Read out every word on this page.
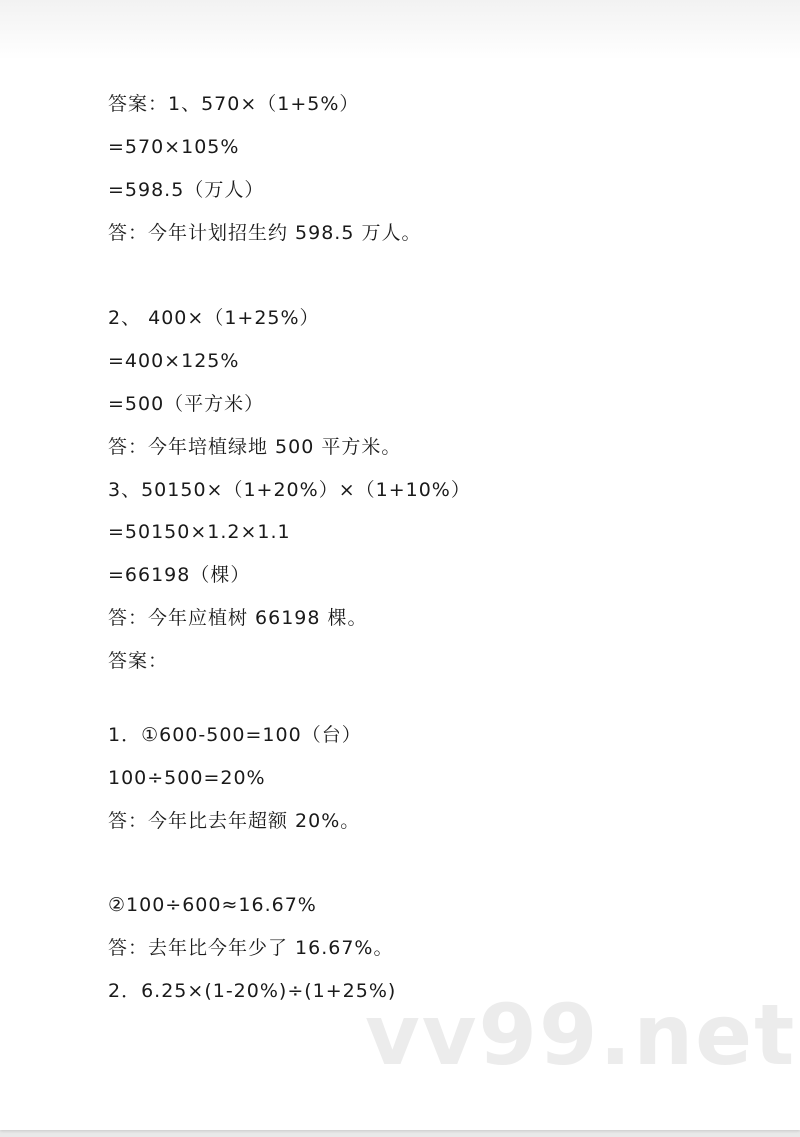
答案：1、570×（1+5%）
=570×105%
=598.5（万人）
答：今年计划招生约 598.5 万人。
2、 400×（1+25%）
=400×125%
=500（平方米）
答：今年培植绿地 500 平方米。
3、50150×（1+20%）×（1+10%）
=50150×1.2×1.1
=66198（棵）
答：今年应植树 66198 棵。
答案：
1．①600-500=100（台）
100÷500=20%
答：今年比去年超额 20%。
②100÷600≈16.67%
答：去年比今年少了 16.67%。
2．6.25×(1-20%)÷(1+25%)
vv99.net
